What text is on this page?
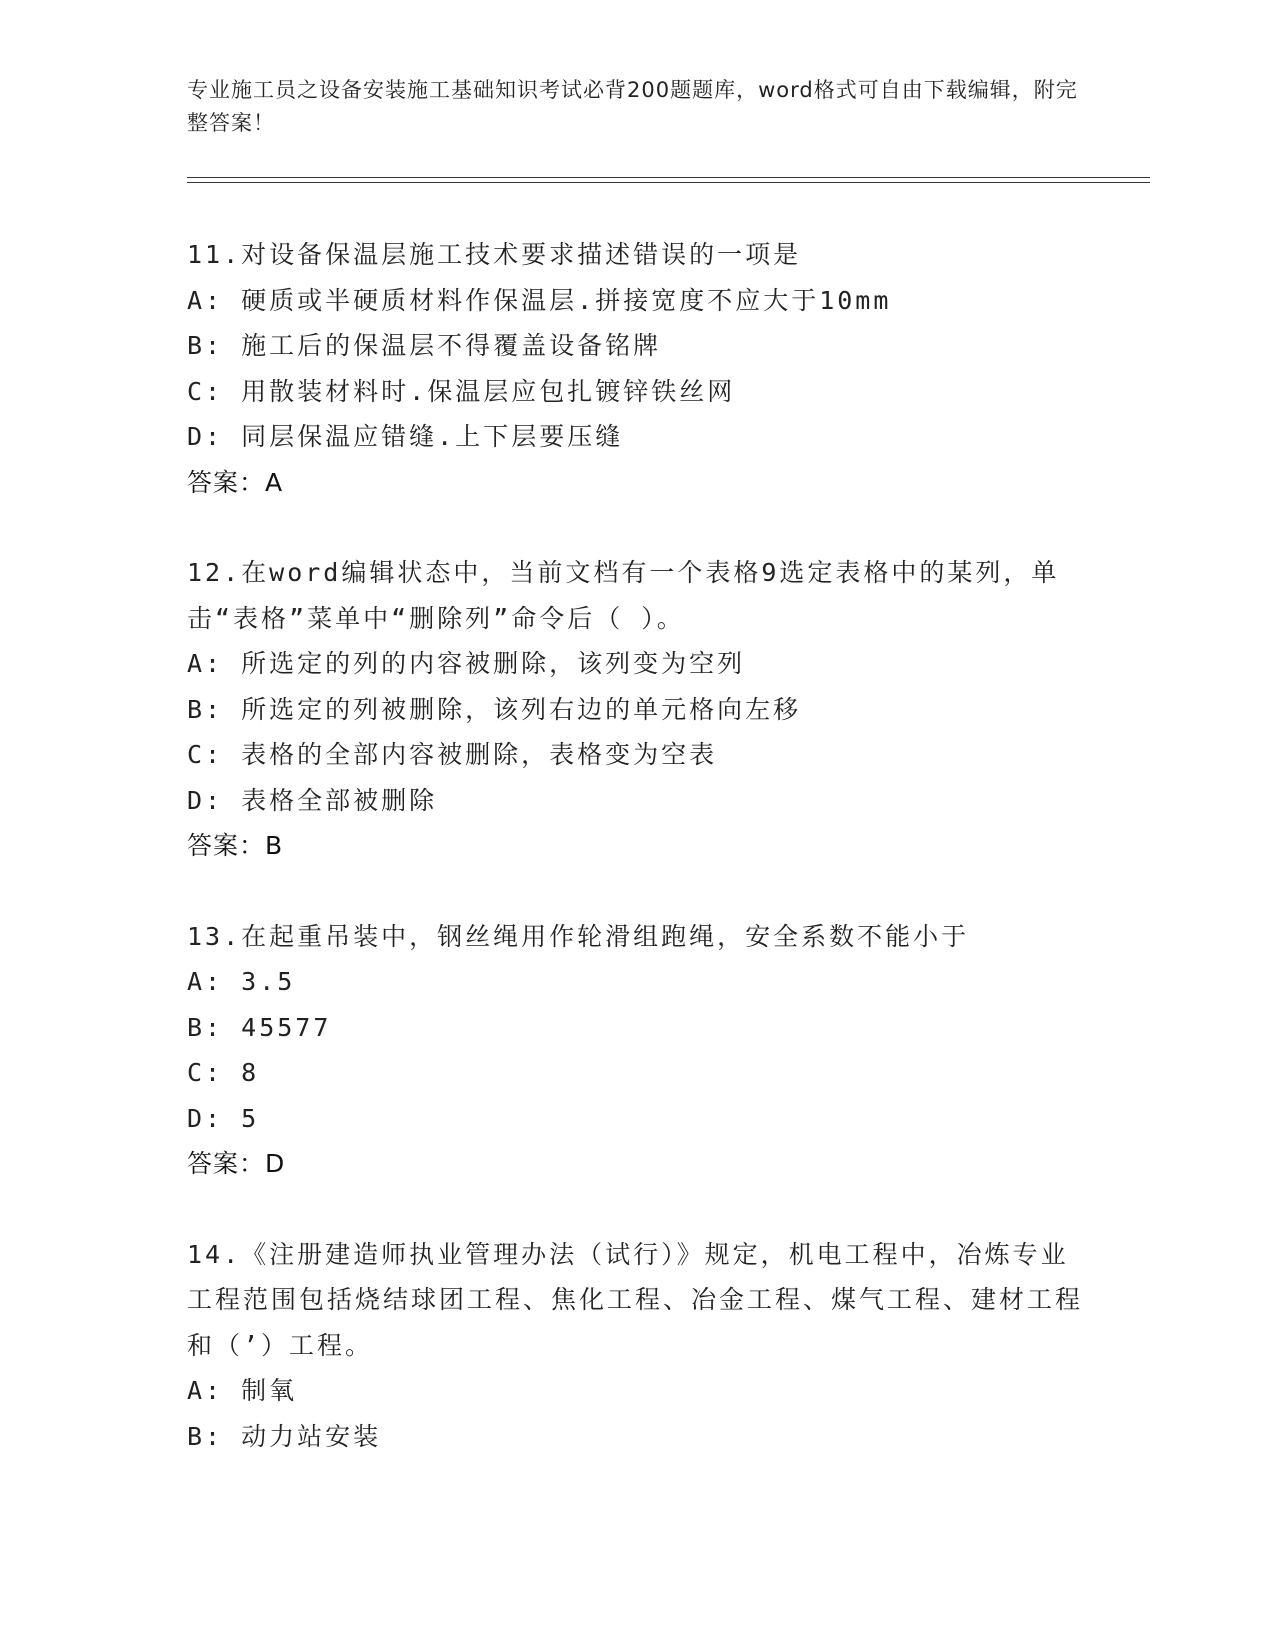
专业施工员之设备安装施工基础知识考试必背200题题库，word格式可自由下载编辑，附完整答案！
11.对设备保温层施工技术要求描述错误的一项是
A: 硬质或半硬质材料作保温层.拼接宽度不应大于10mm
B: 施工后的保温层不得覆盖设备铭牌
C: 用散装材料时.保温层应包扎镀锌铁丝网
D: 同层保温应错缝.上下层要压缝
答案：A
12.在word编辑状态中，当前文档有一个表格9选定表格中的某列，单击“表格”菜单中“删除列”命令后（ ）。
A: 所选定的列的内容被删除，该列变为空列
B: 所选定的列被删除，该列右边的单元格向左移
C: 表格的全部内容被删除，表格变为空表
D: 表格全部被删除
答案：B
13.在起重吊装中，钢丝绳用作轮滑组跑绳，安全系数不能小于
A: 3.5
B: 45577
C: 8
D: 5
答案：D
14.《注册建造师执业管理办法（试行）》规定，机电工程中，冶炼专业工程范围包括烧结球团工程、焦化工程、冶金工程、煤气工程、建材工程和（’）工程。
A: 制氧
B: 动力站安装
